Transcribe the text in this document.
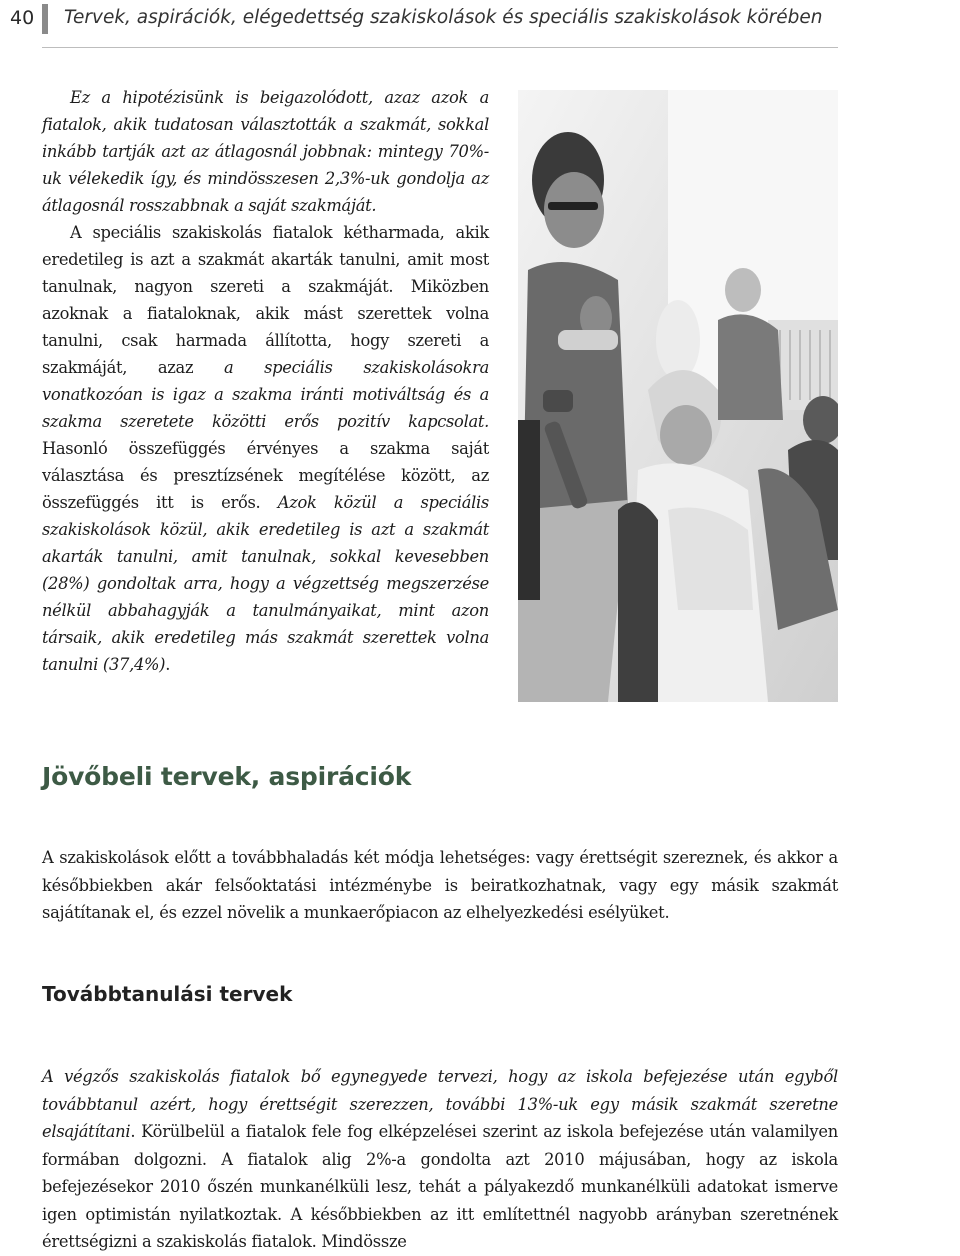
40 Tervek, aspirációk, elégedettség szakiskolások és speciális szakiskolások körében

Ez a hipotézisünk is beigazolódott, azaz azok a fiatalok, akik tudatosan választották a szakmát, sokkal inkább tartják azt az átlagosnál jobbnak: mintegy 70%-uk vélekedik így, és mindösszesen 2,3%-uk gondolja az átlagosnál rosszabbnak a saját szakmáját.

A speciális szakiskolás fiatalok kétharmada, akik eredetileg is azt a szakmát akarták tanulni, amit most tanulnak, nagyon szereti a szakmáját. Miközben azoknak a fiataloknak, akik mást szerettek volna tanulni, csak harmada állította, hogy szereti a szakmáját, azaz a speciális szakiskolásokra vonatkozóan is igaz a szakma iránti motiváltság és a szakma szeretete közötti erős pozitív kapcsolat. Hasonló összefüggés érvényes a szakma saját választása és presztízsének megítélése között, az összefüggés itt is erős. Azok közül a speciális szakiskolások közül, akik eredetileg is azt a szakmát akarták tanulni, amit tanulnak, sokkal kevesebben (28%) gondoltak arra, hogy a végzettség megszerzése nélkül abbahagyják a tanulmányaikat, mint azon társaik, akik eredetileg más szakmát szerettek volna tanulni (37,4%).

Jövőbeli tervek, aspirációk

A szakiskolások előtt a továbbhaladás két módja lehetséges: vagy érettségit szereznek, és akkor a későbbiekben akár felsőoktatási intézménybe is beiratkozhatnak, vagy egy másik szakmát sajátítanak el, és ezzel növelik a munkaerőpiacon az elhelyezkedési esélyüket.

Továbbtanulási tervek

A végzős szakiskolás fiatalok bő egynegyede tervezi, hogy az iskola befejezése után egyből továbbtanul azért, hogy érettségit szerezzen, további 13%-uk egy másik szakmát szeretne elsajátítani. Körülbelül a fiatalok fele fog elképzelései szerint az iskola befejezése után valamilyen formában dolgozni. A fiatalok alig 2%-a gondolta azt 2010 májusában, hogy az iskola befejezésekor 2010 őszén munkanélküli lesz, tehát a pályakezdő munkanélküli adatokat ismerve igen optimistán nyilatkoztak. A későbbiekben az itt említettnél nagyobb arányban szeretnének érettségizni a szakiskolás fiatalok. Mindössze
